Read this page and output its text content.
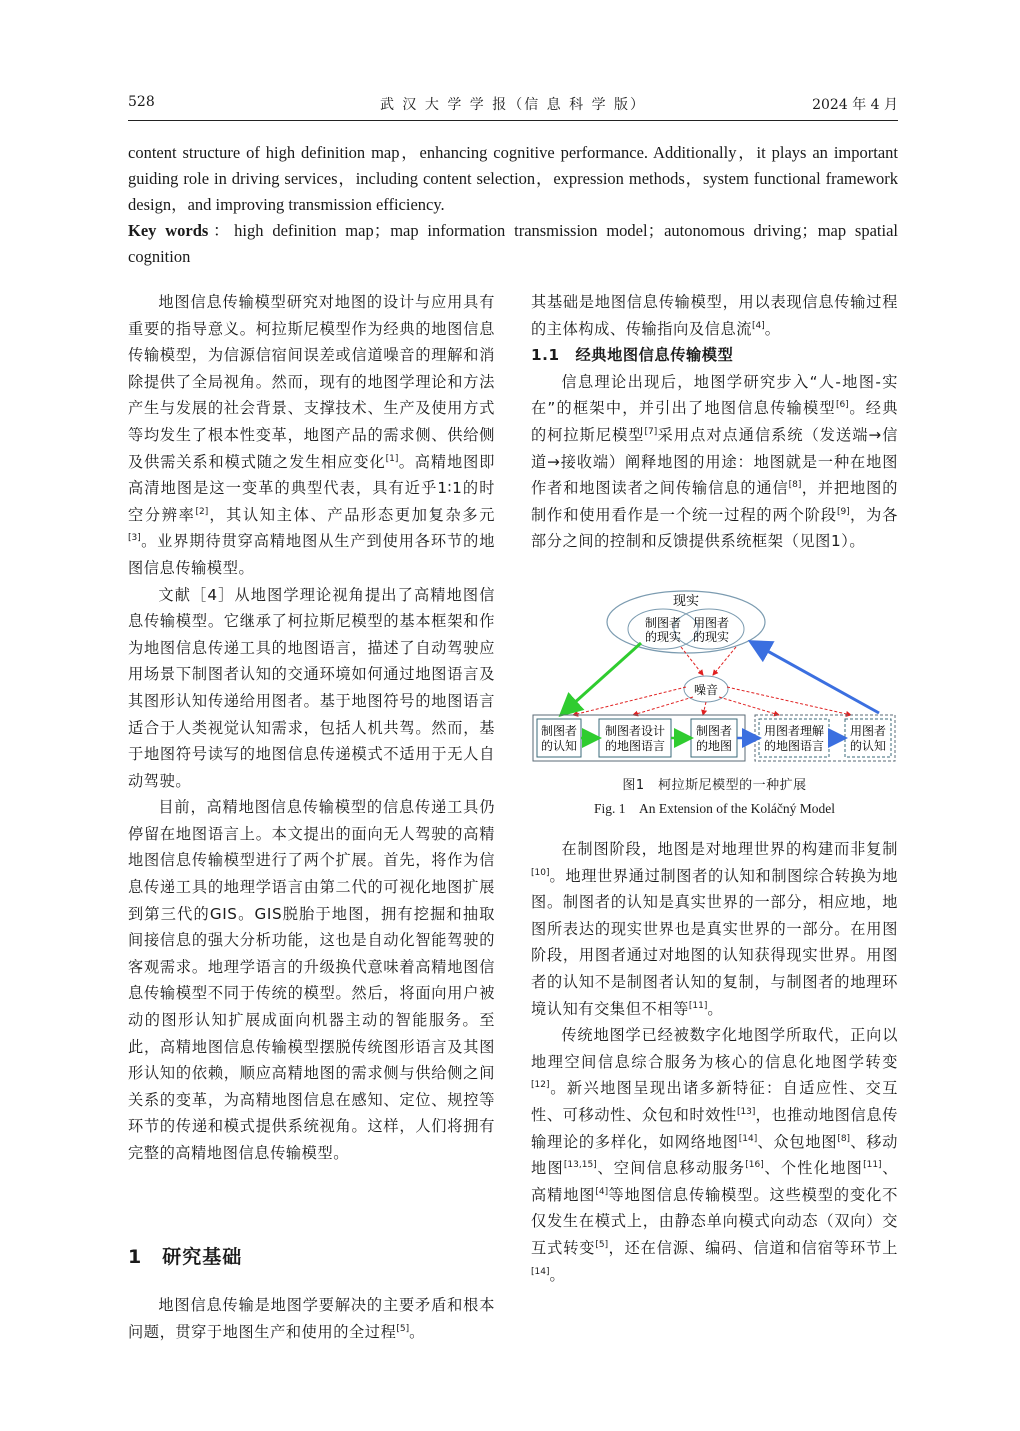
528	武 汉 大 学 学 报（信 息 科 学 版）	2024 年 4 月

content structure of high definition map，enhancing cognitive performance. Additionally，it plays an important guiding role in driving services，including content selection，expression methods，system functional framework design，and improving transmission efficiency.

Key words：high definition map；map information transmission model；autonomous driving；map spatial cognition

地图信息传输模型研究对地图的设计与应用具有重要的指导意义。柯拉斯尼模型作为经典的地图信息传输模型，为信源信宿间误差或信道噪音的理解和消除提供了全局视角。然而，现有的地图学理论和方法产生与发展的社会背景、支撑技术、生产及使用方式等均发生了根本性变革，地图产品的需求侧、供给侧及供需关系和模式随之发生相应变化[1]。高精地图即高清地图是这一变革的典型代表，具有近乎1∶1的时空分辨率[2]，其认知主体、产品形态更加复杂多元[3]。业界期待贯穿高精地图从生产到使用各环节的地图信息传输模型。

文献［4］从地图学理论视角提出了高精地图信息传输模型。它继承了柯拉斯尼模型的基本框架和作为地图信息传递工具的地图语言，描述了自动驾驶应用场景下制图者认知的交通环境如何通过地图语言及其图形认知传递给用图者。基于地图符号的地图语言适合于人类视觉认知需求，包括人机共驾。然而，基于地图符号读写的地图信息传递模式不适用于无人自动驾驶。

目前，高精地图信息传输模型的信息传递工具仍停留在地图语言上。本文提出的面向无人驾驶的高精地图信息传输模型进行了两个扩展。首先，将作为信息传递工具的地理学语言由第二代的可视化地图扩展到第三代的GIS。GIS脱胎于地图，拥有挖掘和抽取间接信息的强大分析功能，这也是自动化智能驾驶的客观需求。地理学语言的升级换代意味着高精地图信息传输模型不同于传统的模型。然后，将面向用户被动的图形认知扩展成面向机器主动的智能服务。至此，高精地图信息传输模型摆脱传统图形语言及其图形认知的依赖，顺应高精地图的需求侧与供给侧之间关系的变革，为高精地图信息在感知、定位、规控等环节的传递和模式提供系统视角。这样，人们将拥有完整的高精地图信息传输模型。

1  研究基础

地图信息传输是地图学要解决的主要矛盾和根本问题，贯穿于地图生产和使用的全过程[5]。

其基础是地图信息传输模型，用以表现信息传输过程的主体构成、传输指向及信息流[4]。

1.1　经典地图信息传输模型

信息理论出现后，地图学研究步入“人-地图-实在”的框架中，并引出了地图信息传输模型[6]。经典的柯拉斯尼模型[7]采用点对点通信系统（发送端→信道→接收端）阐释地图的用途：地图就是一种在地图作者和地图读者之间传输信息的通信[8]，并把地图的制作和使用看作是一个统一过程的两个阶段[9]，为各部分之间的控制和反馈提供系统框架（见图1）。

现实
制图者
的现实
用图者
的现实
噪音
制图者
的认知
制图者设计
的地图语言
制图者
的地图
用图者理解
的地图语言
用图者
的认知
图1　柯拉斯尼模型的一种扩展
Fig. 1　An Extension of the Koláčný Model

在制图阶段，地图是对地理世界的构建而非复制[10]。地理世界通过制图者的认知和制图综合转换为地图。制图者的认知是真实世界的一部分，相应地，地图所表达的现实世界也是真实世界的一部分。在用图阶段，用图者通过对地图的认知获得现实世界。用图者的认知不是制图者认知的复制，与制图者的地理环境认知有交集但不相等[11]。

传统地图学已经被数字化地图学所取代，正向以地理空间信息综合服务为核心的信息化地图学转变[12]。新兴地图呈现出诸多新特征：自适应性、交互性、可移动性、众包和时效性[13]，也推动地图信息传输理论的多样化，如网络地图[14]、众包地图[8]、移动地图[13,15]、空间信息移动服务[16]、个性化地图[11]、高精地图[4]等地图信息传输模型。这些模型的变化不仅发生在模式上，由静态单向模式向动态（双向）交互式转变[5]，还在信源、编码、信道和信宿等环节上[14]。
